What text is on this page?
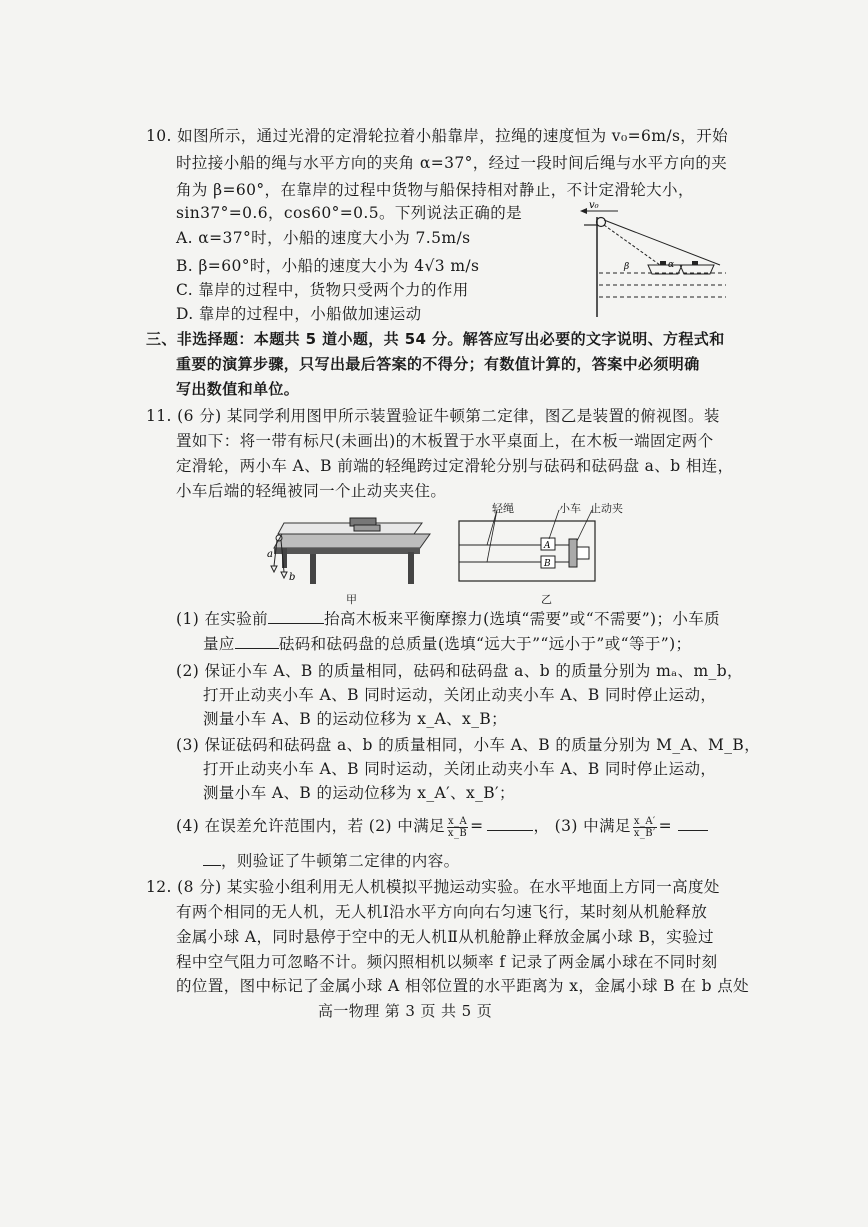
10. 如图所示，通过光滑的定滑轮拉着小船靠岸，拉绳的速度恒为 v₀=6m/s，开始
时拉接小船的绳与水平方向的夹角 α=37°，经过一段时间后绳与水平方向的夹
角为 β=60°，在靠岸的过程中货物与船保持相对静止，不计定滑轮大小，
sin37°=0.6，cos60°=0.5。下列说法正确的是
A. α=37°时，小船的速度大小为 7.5m/s
B. β=60°时，小船的速度大小为 4√3 m/s
C. 靠岸的过程中，货物只受两个力的作用
D. 靠岸的过程中，小船做加速运动
v₀
β	α
三、非选择题：本题共 5 道小题，共 54 分。解答应写出必要的文字说明、方程式和
重要的演算步骤，只写出最后答案的不得分；有数值计算的，答案中必须明确
写出数值和单位。
11. (6 分) 某同学利用图甲所示装置验证牛顿第二定律，图乙是装置的俯视图。装
置如下：将一带有标尺(未画出)的木板置于水平桌面上，在木板一端固定两个
定滑轮，两小车 A、B 前端的轻绳跨过定滑轮分别与砝码和砝码盘 a、b 相连，
小车后端的轻绳被同一个止动夹夹住。
a
b
甲
A
B
轻绳	小车 止动夹
乙
(1) 在实验前	抬高木板来平衡摩擦力(选填“需要”或“不需要”)；小车质
量应	砝码和砝码盘的总质量(选填“远大于”“远小于”或“等于”)；
(2) 保证小车 A、B 的质量相同，砝码和砝码盘 a、b 的质量分别为 mₐ、m_b，
打开止动夹小车 A、B 同时运动，关闭止动夹小车 A、B 同时停止运动，
测量小车 A、B 的运动位移为 x_A、x_B；
(3) 保证砝码和砝码盘 a、b 的质量相同，小车 A、B 的质量分别为 M_A、M_B，
打开止动夹小车 A、B 同时运动，关闭止动夹小车 A、B 同时停止运动，
测量小车 A、B 的运动位移为 x_A′、x_B′；
(4) 在误差允许范围内，若 (2) 中满足 $\frac{x\_A}{x\_B}$ =	， (3) 中满足 $\frac{x\_A'}{x\_B'}$ =
，则验证了牛顿第二定律的内容。
12. (8 分) 某实验小组利用无人机模拟平抛运动实验。在水平地面上方同一高度处
有两个相同的无人机，无人机Ⅰ沿水平方向向右匀速飞行，某时刻从机舱释放
金属小球 A，同时悬停于空中的无人机Ⅱ从机舱静止释放金属小球 B，实验过
程中空气阻力可忽略不计。频闪照相机以频率 f 记录了两金属小球在不同时刻
的位置，图中标记了金属小球 A 相邻位置的水平距离为 x，金属小球 B 在 b 点处
高一物理 第 3 页 共 5 页
